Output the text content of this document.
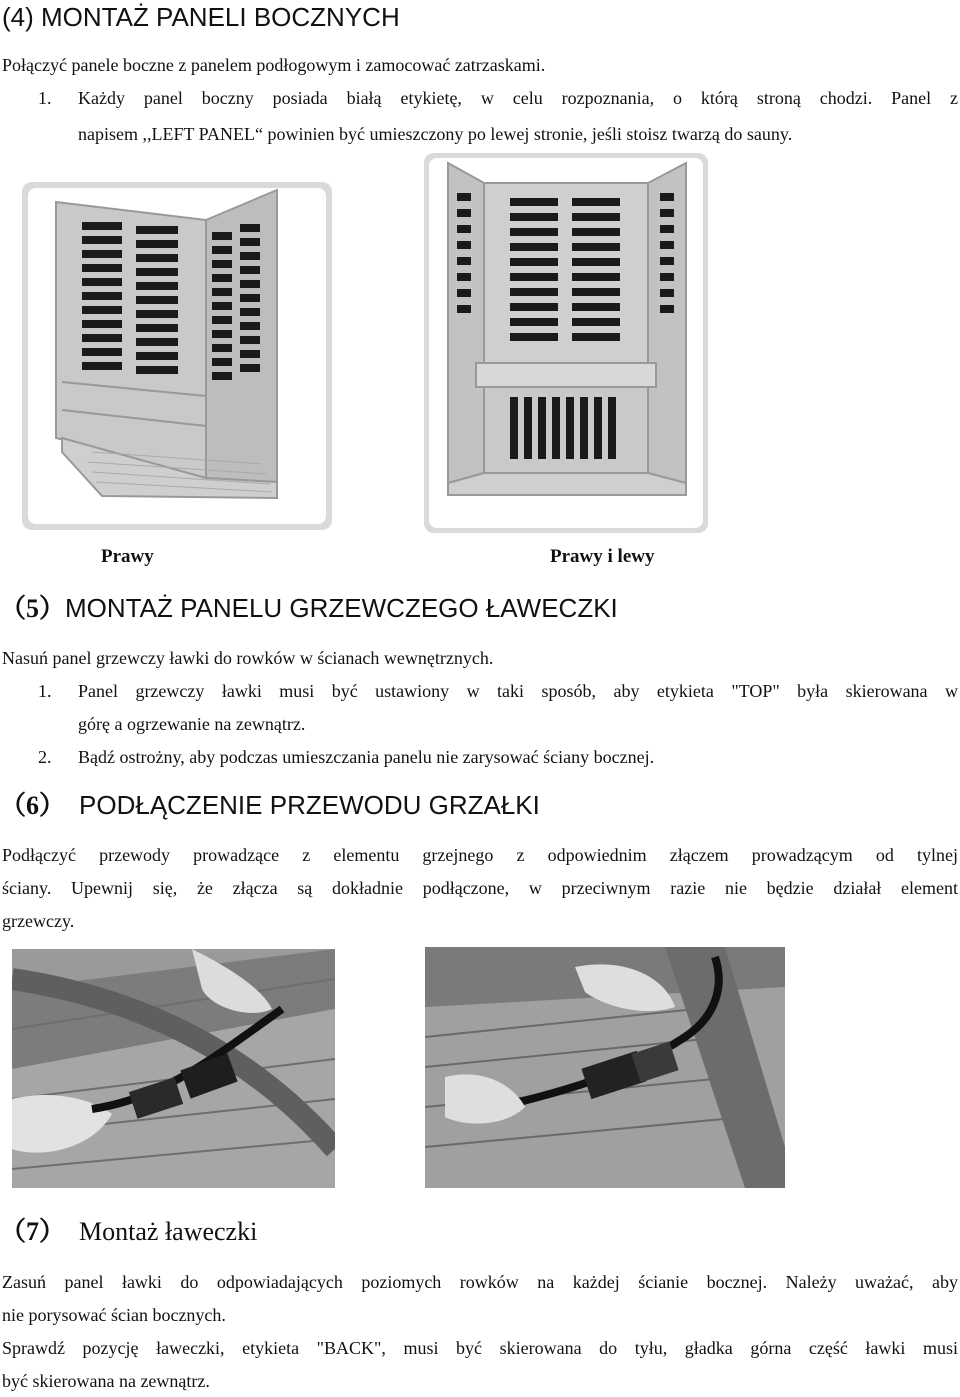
(4) MONTAŻ PANELI BOCZNYCH
Połączyć panele boczne z panelem podłogowym i zamocować zatrzaskami.
1. Każdy panel boczny posiada białą etykietę, w celu rozpoznania, o którą stroną chodzi. Panel z
napisem ,,LEFT PANEL“ powinien być umieszczony po lewej stronie, jeśli stoisz twarzą do sauny.
Prawy	Prawy i lewy
（5）MONTAŻ PANELU GRZEWCZEGO ŁAWECZKI
Nasuń panel grzewczy ławki do rowków w ścianach wewnętrznych.
1. Panel grzewczy ławki musi być ustawiony w taki sposób, aby etykieta "TOP" była skierowana w
górę a ogrzewanie na zewnątrz.
2. Bądź ostrożny, aby podczas umieszczania panelu nie zarysować ściany bocznej.
（6） PODŁĄCZENIE PRZEWODU GRZAŁKI
Podłączyć przewody prowadzące z elementu grzejnego z odpowiednim złączem prowadzącym od tylnej
ściany. Upewnij się, że złącza są dokładnie podłączone, w przeciwnym razie nie będzie działał element
grzewczy.
（7） Montaż ławeczki
Zasuń panel ławki do odpowiadających poziomych rowków na każdej ścianie bocznej. Należy uważać, aby
nie porysować ścian bocznych.
Sprawdź pozycję ławeczki, etykieta "BACK", musi być skierowana do tyłu, gładka górna część ławki musi
być skierowana na zewnątrz.
